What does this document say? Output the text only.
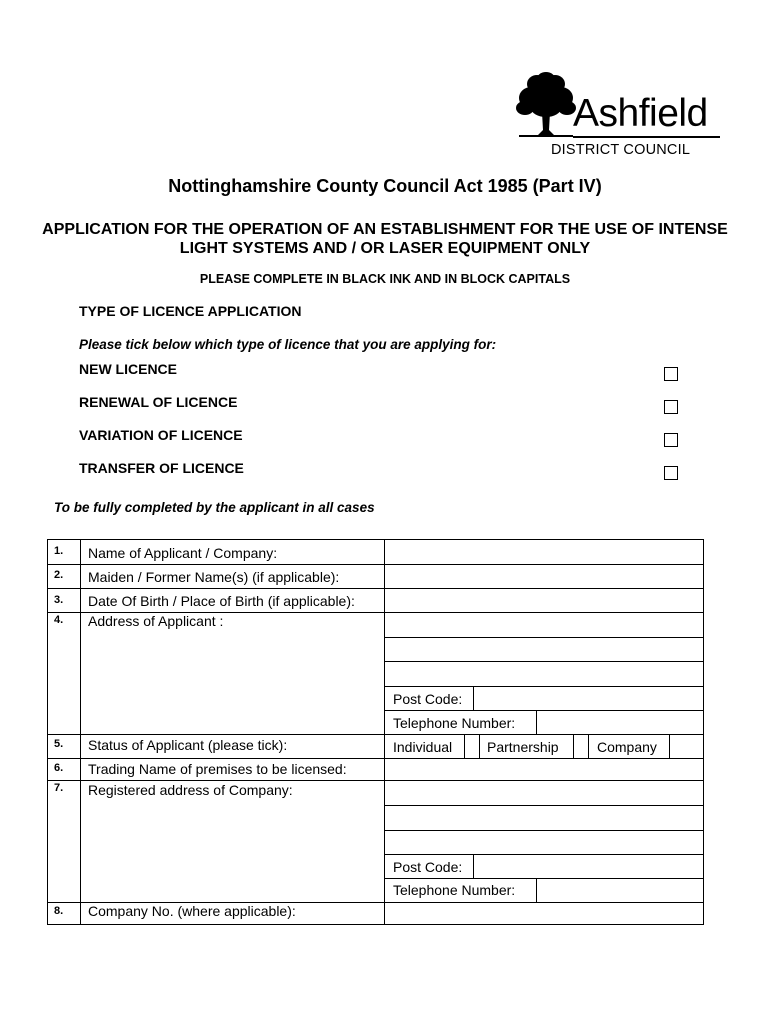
Ashfield
DISTRICT COUNCIL
Nottinghamshire County Council Act 1985 (Part IV)
APPLICATION FOR THE OPERATION OF AN ESTABLISHMENT FOR THE USE OF INTENSE LIGHT SYSTEMS AND / OR LASER EQUIPMENT ONLY
PLEASE COMPLETE IN BLACK INK AND IN BLOCK CAPITALS
TYPE OF LICENCE APPLICATION
Please tick below which type of licence that you are applying for:
NEW LICENCE
RENEWAL OF LICENCE
VARIATION OF LICENCE
TRANSFER OF LICENCE
To be fully completed by the applicant in all cases
1. Name of Applicant / Company:
2. Maiden / Former Name(s) (if applicable):
3. Date Of Birth / Place of Birth (if applicable):
4. Address of Applicant :
5. Status of Applicant (please tick):
6. Trading Name of premises to be licensed:
7. Registered address of Company:
8. Company No. (where applicable):
Post Code:
Telephone Number:
Individual Partnership	Company
Post Code:
Telephone Number:
